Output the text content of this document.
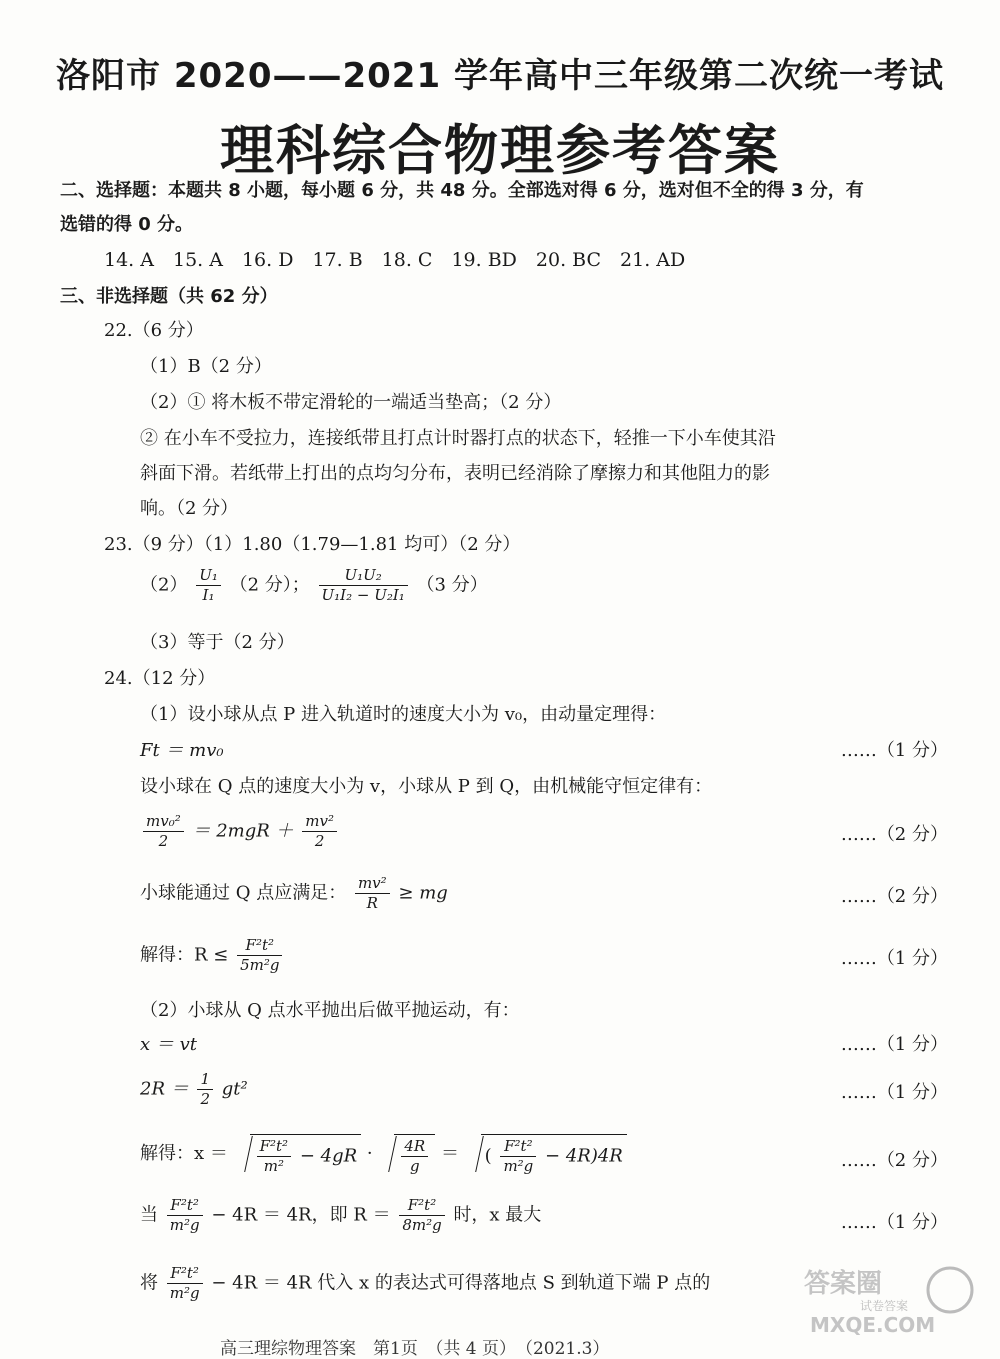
洛阳市 2020——2021 学年高中三年级第二次统一考试
理科综合物理参考答案
二、选择题：本题共 8 小题，每小题 6 分，共 48 分。全部选对得 6 分，选对但不全的得 3 分，有
选错的得 0 分。
14. A　15. A　16. D　17. B　18. C　19. BD　20. BC　21. AD
三、非选择题（共 62 分）
22.（6 分）
（1）B（2 分）
（2）① 将木板不带定滑轮的一端适当垫高；（2 分）
② 在小车不受拉力，连接纸带且打点计时器打点的状态下，轻推一下小车使其沿
斜面下滑。若纸带上打出的点均匀分布，表明已经消除了摩擦力和其他阻力的影
响。（2 分）
23.（9 分）（1）1.80（1.79—1.81 均可）（2 分）
$(2) \frac{\text{U₁}}{\text{I₁}} (2$ 分）； $\frac{\text{U₁U₂}}{\text{U₁I₂ − U₂I₁}} (3$ 分）
（3）等于（2 分）
24.（12 分）
（1）设小球从点 P 进入轨道时的速度大小为 v₀，由动量定理得：
Ft ＝ mv₀	……（1 分）
设小球在 Q 点的速度大小为 v，小球从 P 到 Q，由机械能守恒定律有：
$\frac{\text{mv₀²}}{2} = 2mgR + \frac{\text{mv²}}{2}$	……（2 分）
小球能通过 Q 点应满足： $\frac{\text{mv²}}{R}$ ≥ mg	……（2 分）
解得：$R \le \frac{\text{F²t²}}{\text{5m²g}}$	……（1 分）
（2）小球从 Q 点水平抛出后做平抛运动，有：
x ＝ vt	……（1 分）
$2R = \frac{1}{2} gt^2$	……（1 分）
解得：$x = \frac{\text{F²t²}}{\text{m²}} - 4gR \cdot \frac{4R}{g}$ ＝ ( $\frac{\text{F²t²}}{\text{m²g}} - 4R)4R$	……（2 分）
当 $\frac{\text{F²t²}}{\text{m²g}} - 4R = 4R$，即 $R = \frac{\text{F²t²}}{\text{8m²g}}$ 时，x 最大	……（1 分）
将 $\frac{\text{F²t²}}{\text{m²g}} - 4R = 4R$ 代入 x 的表达式可得落地点 S 到轨道下端 P 点的
高三理综物理答案　第1页　（共 4 页）　（2021.3）
答案圈
试卷答案
MXQE.COM
